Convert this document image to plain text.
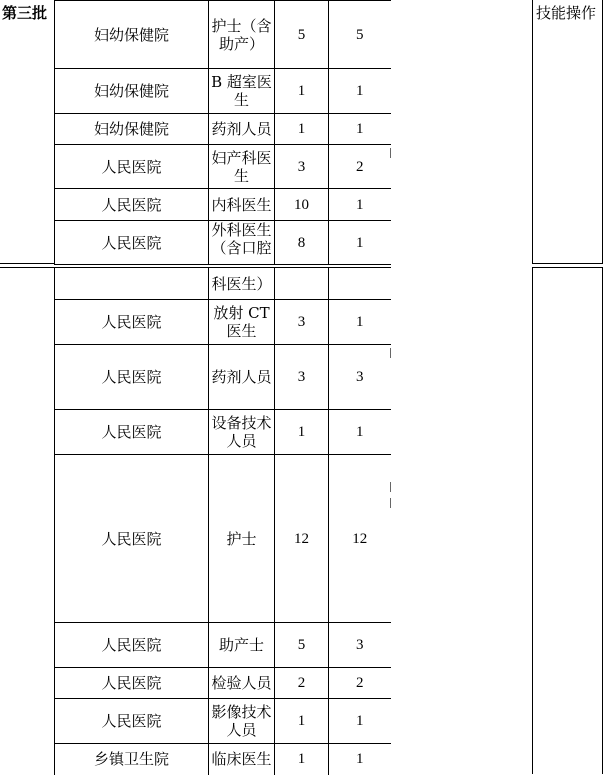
第三批	技能操作
妇幼保健院	护士（含助产）	5	5
妇幼保健院	B 超室医生	1	1
妇幼保健院	药剂人员	1	1
人民医院	妇产科医生	3	2
人民医院	内科医生	10	1
人民医院	外科医生（含口腔	8	1
	科医生）		
人民医院	放射 CT 医生	3	1
人民医院	药剂人员	3	3
人民医院	设备技术人员	1	1
人民医院	护士	12	12
人民医院	助产士	5	3
人民医院	检验人员	2	2
人民医院	影像技术人员	1	1
乡镇卫生院	临床医生	1	1
